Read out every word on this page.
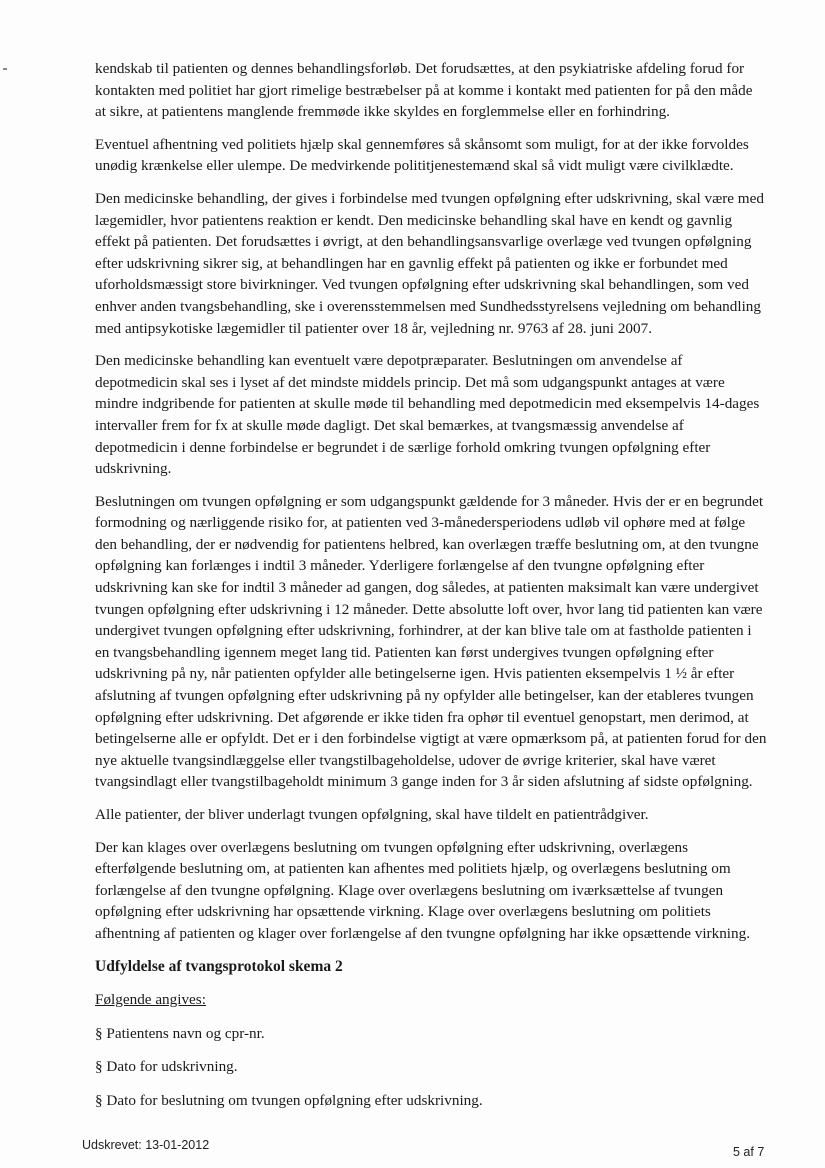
kendskab til patienten og dennes behandlingsforløb. Det forudsættes, at den psykiatriske afdeling forud for kontakten med politiet har gjort rimelige bestræbelser på at komme i kontakt med patienten for på den måde at sikre, at patientens manglende fremmøde ikke skyldes en forglemmelse eller en forhindring.

Eventuel afhentning ved politiets hjælp skal gennemføres så skånsomt som muligt, for at der ikke forvoldes unødig krænkelse eller ulempe. De medvirkende polititjenestemænd skal så vidt muligt være civilklædte.

Den medicinske behandling, der gives i forbindelse med tvungen opfølgning efter udskrivning, skal være med lægemidler, hvor patientens reaktion er kendt. Den medicinske behandling skal have en kendt og gavnlig effekt på patienten. Det forudsættes i øvrigt, at den behandlingsansvarlige overlæge ved tvungen opfølgning efter udskrivning sikrer sig, at behandlingen har en gavnlig effekt på patienten og ikke er forbundet med uforholdsmæssigt store bivirkninger. Ved tvungen opfølgning efter udskrivning skal behandlingen, som ved enhver anden tvangsbehandling, ske i overensstemmelsen med Sundhedsstyrelsens vejledning om behandling med antipsykotiske lægemidler til patienter over 18 år, vejledning nr. 9763 af 28. juni 2007.

Den medicinske behandling kan eventuelt være depotpræparater. Beslutningen om anvendelse af depotmedicin skal ses i lyset af det mindste middels princip. Det må som udgangspunkt antages at være mindre indgribende for patienten at skulle møde til behandling med depotmedicin med eksempelvis 14-dages intervaller frem for fx at skulle møde dagligt. Det skal bemærkes, at tvangsmæssig anvendelse af depotmedicin i denne forbindelse er begrundet i de særlige forhold omkring tvungen opfølgning efter udskrivning.

Beslutningen om tvungen opfølgning er som udgangspunkt gældende for 3 måneder. Hvis der er en begrundet formodning og nærliggende risiko for, at patienten ved 3-månedersperiodens udløb vil ophøre med at følge den behandling, der er nødvendig for patientens helbred, kan overlægen træffe beslutning om, at den tvungne opfølgning kan forlænges i indtil 3 måneder. Yderligere forlængelse af den tvungne opfølgning efter udskrivning kan ske for indtil 3 måneder ad gangen, dog således, at patienten maksimalt kan være undergivet tvungen opfølgning efter udskrivning i 12 måneder. Dette absolutte loft over, hvor lang tid patienten kan være undergivet tvungen opfølgning efter udskrivning, forhindrer, at der kan blive tale om at fastholde patienten i en tvangsbehandling igennem meget lang tid. Patienten kan først undergives tvungen opfølgning efter udskrivning på ny, når patienten opfylder alle betingelserne igen. Hvis patienten eksempelvis 1 ½ år efter afslutning af tvungen opfølgning efter udskrivning på ny opfylder alle betingelser, kan der etableres tvungen opfølgning efter udskrivning. Det afgørende er ikke tiden fra ophør til eventuel genopstart, men derimod, at betingelserne alle er opfyldt. Det er i den forbindelse vigtigt at være opmærksom på, at patienten forud for den nye aktuelle tvangsindlæggelse eller tvangstilbageholdelse, udover de øvrige kriterier, skal have været tvangsindlagt eller tvangstilbageholdt minimum 3 gange inden for 3 år siden afslutning af sidste opfølgning.

Alle patienter, der bliver underlagt tvungen opfølgning, skal have tildelt en patientrådgiver.

Der kan klages over overlægens beslutning om tvungen opfølgning efter udskrivning, overlægens efterfølgende beslutning om, at patienten kan afhentes med politiets hjælp, og overlægens beslutning om forlængelse af den tvungne opfølgning. Klage over overlægens beslutning om iværksættelse af tvungen opfølgning efter udskrivning har opsættende virkning. Klage over overlægens beslutning om politiets afhentning af patienten og klager over forlængelse af den tvungne opfølgning har ikke opsættende virkning.

Udfyldelse af tvangsprotokol skema 2

Følgende angives:

§ Patientens navn og cpr-nr.

§ Dato for udskrivning.

§ Dato for beslutning om tvungen opfølgning efter udskrivning.

Udskrevet: 13-01-2012	5 af 7
